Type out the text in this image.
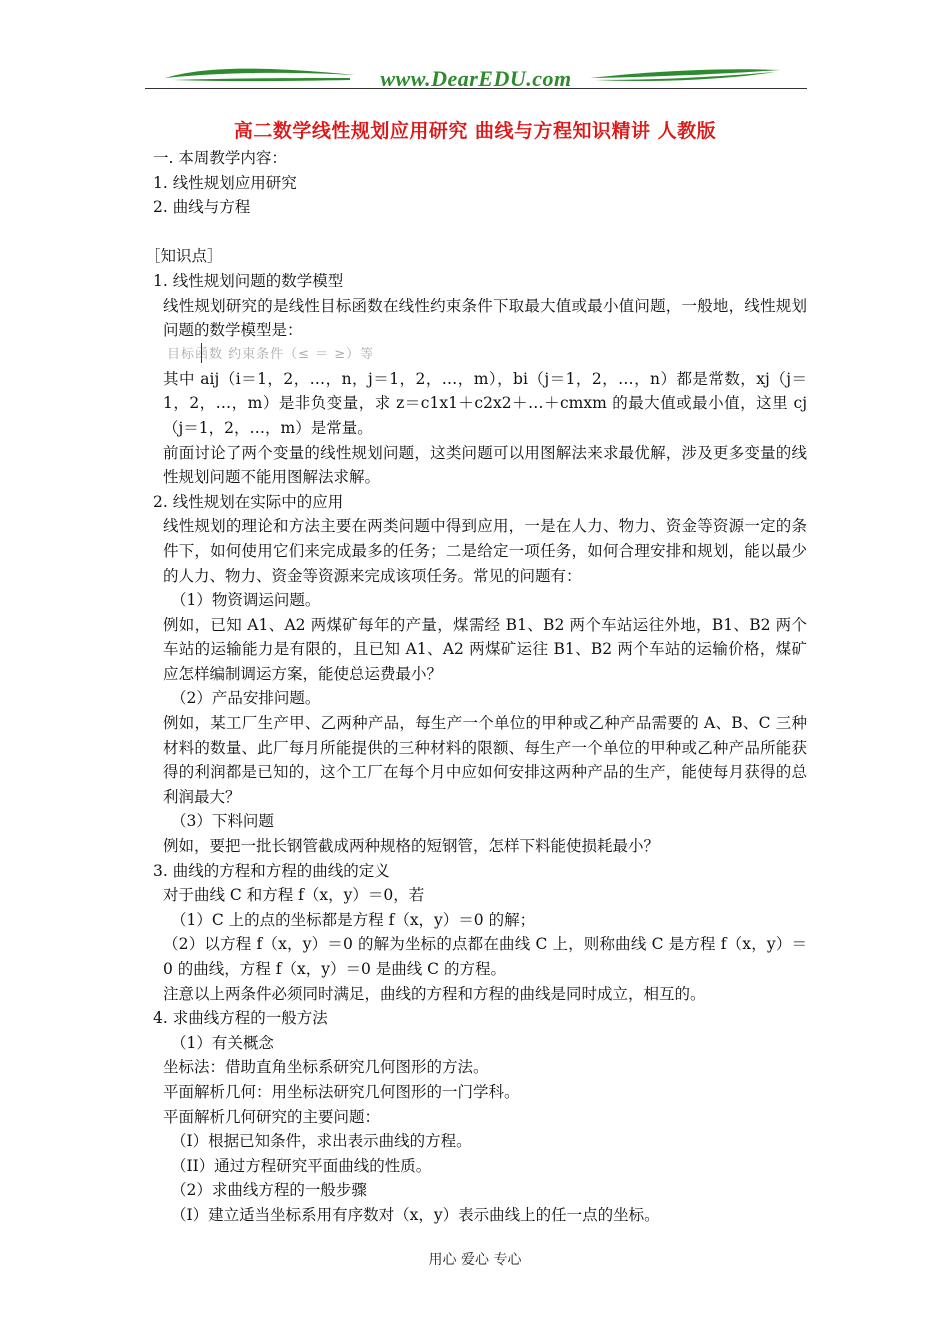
www.DearEDU.com
高二数学线性规划应用研究 曲线与方程知识精讲 人教版

一. 本周教学内容：

1. 线性规划应用研究

2. 曲线与方程

［知识点］

1. 线性规划问题的数学模型

线性规划研究的是线性目标函数在线性约束条件下取最大值或最小值问题，一般地，线性规划问题的数学模型是：

目标函数 约束条件（≤ ＝ ≥）等

其中 aij（i＝1，2，…，n，j＝1，2，…，m），bi（j＝1，2，…，n）都是常数，xj（j＝1，2，…，m）是非负变量，求 z＝c1x1＋c2x2＋…＋cmxm 的最大值或最小值，这里 cj（j＝1，2，…，m）是常量。

前面讨论了两个变量的线性规划问题，这类问题可以用图解法来求最优解，涉及更多变量的线性规划问题不能用图解法求解。

2. 线性规划在实际中的应用

线性规划的理论和方法主要在两类问题中得到应用，一是在人力、物力、资金等资源一定的条件下，如何使用它们来完成最多的任务；二是给定一项任务，如何合理安排和规划，能以最少的人力、物力、资金等资源来完成该项任务。常见的问题有：

（1）物资调运问题。

例如，已知 A1、A2 两煤矿每年的产量，煤需经 B1、B2 两个车站运往外地，B1、B2 两个车站的运输能力是有限的，且已知 A1、A2 两煤矿运往 B1、B2 两个车站的运输价格，煤矿应怎样编制调运方案，能使总运费最小？

（2）产品安排问题。

例如，某工厂生产甲、乙两种产品，每生产一个单位的甲种或乙种产品需要的 A、B、C 三种材料的数量、此厂每月所能提供的三种材料的限额、每生产一个单位的甲种或乙种产品所能获得的利润都是已知的，这个工厂在每个月中应如何安排这两种产品的生产，能使每月获得的总利润最大？

（3）下料问题

例如，要把一批长钢管截成两种规格的短钢管，怎样下料能使损耗最小？

3. 曲线的方程和方程的曲线的定义

对于曲线 C 和方程 f（x，y）＝0，若

（1）C 上的点的坐标都是方程 f（x，y）＝0 的解；

（2）以方程 f（x，y）＝0 的解为坐标的点都在曲线 C 上，则称曲线 C 是方程 f（x，y）＝0 的曲线，方程 f（x，y）＝0 是曲线 C 的方程。

注意以上两条件必须同时满足，曲线的方程和方程的曲线是同时成立，相互的。

4. 求曲线方程的一般方法

（1）有关概念

坐标法：借助直角坐标系研究几何图形的方法。

平面解析几何：用坐标法研究几何图形的一门学科。

平面解析几何研究的主要问题：

（I）根据已知条件，求出表示曲线的方程。

（II）通过方程研究平面曲线的性质。

（2）求曲线方程的一般步骤

（I）建立适当坐标系用有序数对（x，y）表示曲线上的任一点的坐标。

用心 爱心 专心
